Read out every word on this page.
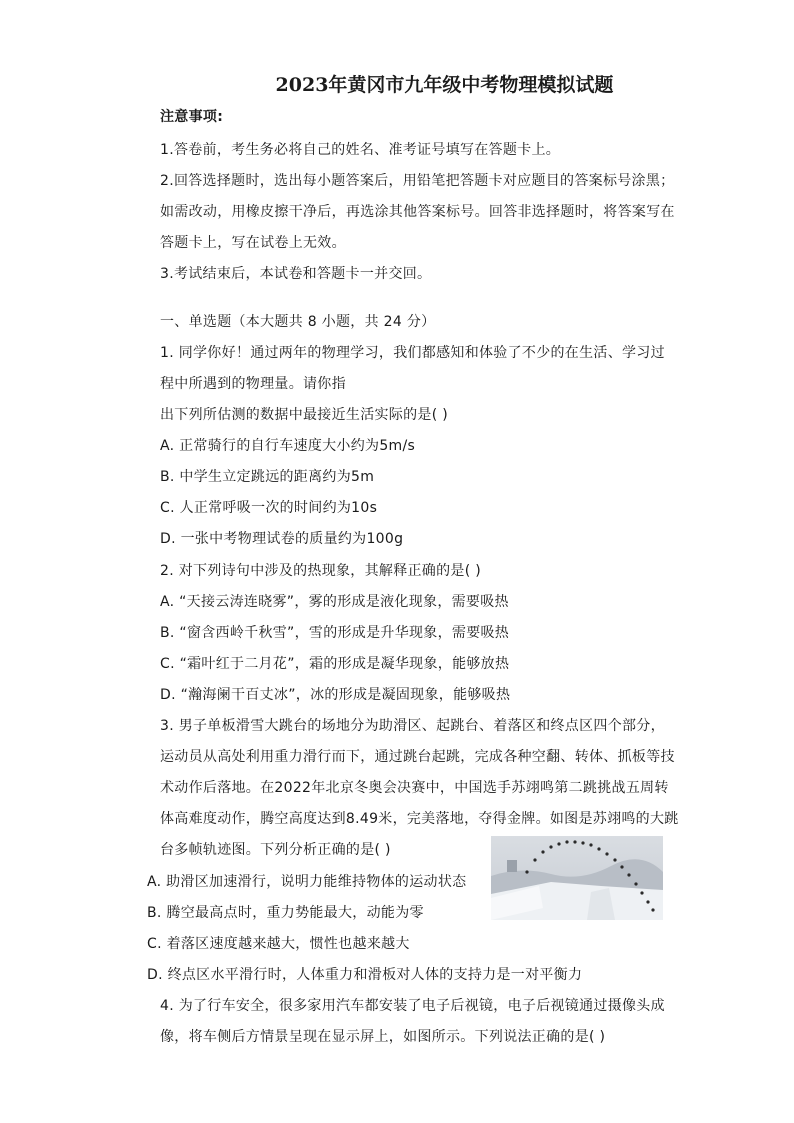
2023年黄冈市九年级中考物理模拟试题
注意事项:
1.答卷前，考生务必将自己的姓名、准考证号填写在答题卡上。
2.回答选择题时，选出每小题答案后，用铅笔把答题卡对应题目的答案标号涂黑；
如需改动，用橡皮擦干净后，再选涂其他答案标号。回答非选择题时，将答案写在
答题卡上，写在试卷上无效。
3.考试结束后，本试卷和答题卡一并交回。
一、单选题（本大题共 8 小题，共 24 分）
1. 同学你好！通过两年的物理学习，我们都感知和体验了不少的在生活、学习过
程中所遇到的物理量。请你指
出下列所估测的数据中最接近生活实际的是( )
A. 正常骑行的自行车速度大小约为5m/s
B. 中学生立定跳远的距离约为5m
C. 人正常呼吸一次的时间约为10s
D. 一张中考物理试卷的质量约为100g
2. 对下列诗句中涉及的热现象，其解释正确的是( )
A. “天接云涛连晓雾”，雾的形成是液化现象，需要吸热
B. “窗含西岭千秋雪”，雪的形成是升华现象，需要吸热
C. “霜叶红于二月花”，霜的形成是凝华现象，能够放热
D. “瀚海阑干百丈冰”，冰的形成是凝固现象，能够吸热
3. 男子单板滑雪大跳台的场地分为助滑区、起跳台、着落区和终点区四个部分，
运动员从高处利用重力滑行而下，通过跳台起跳，完成各种空翻、转体、抓板等技
术动作后落地。在2022年北京冬奥会决赛中，中国选手苏翊鸣第二跳挑战五周转
体高难度动作，腾空高度达到8.49米，完美落地，夺得金牌。如图是苏翊鸣的大跳
台多帧轨迹图。下列分析正确的是( )
A. 助滑区加速滑行，说明力能维持物体的运动状态
B. 腾空最高点时，重力势能最大，动能为零
C. 着落区速度越来越大，惯性也越来越大
D. 终点区水平滑行时，人体重力和滑板对人体的支持力是一对平衡力
4. 为了行车安全，很多家用汽车都安装了电子后视镜，电子后视镜通过摄像头成
像，将车侧后方情景呈现在显示屏上，如图所示。下列说法正确的是( )
